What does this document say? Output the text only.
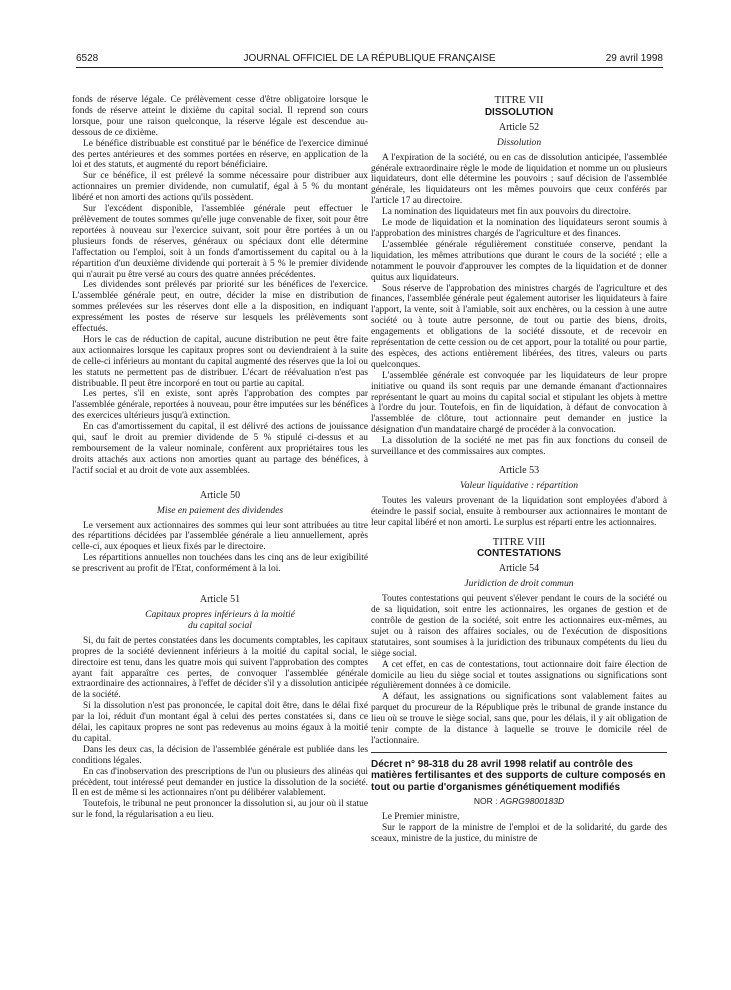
6528	JOURNAL OFFICIEL DE LA RÉPUBLIQUE FRANÇAISE	29 avril 1998

fonds de réserve légale. Ce prélèvement cesse d'être obligatoire lorsque le fonds de réserve atteint le dixième du capital social. Il reprend son cours lorsque, pour une raison quelconque, la réserve légale est descendue au-dessous de ce dixième.

Le bénéfice distribuable est constitué par le bénéfice de l'exercice diminué des pertes antérieures et des sommes portées en réserve, en application de la loi et des statuts, et augmenté du report bénéficiaire.

Sur ce bénéfice, il est prélevé la somme nécessaire pour distribuer aux actionnaires un premier dividende, non cumulatif, égal à 5 % du montant libéré et non amorti des actions qu'ils possèdent.

Sur l'excédent disponible, l'assemblée générale peut effectuer le prélèvement de toutes sommes qu'elle juge convenable de fixer, soit pour être reportées à nouveau sur l'exercice suivant, soit pour être portées à un ou plusieurs fonds de réserves, généraux ou spéciaux dont elle détermine l'affectation ou l'emploi, soit à un fonds d'amortissement du capital ou à la répartition d'un deuxième dividende qui porterait à 5 % le premier dividende qui n'aurait pu être versé au cours des quatre années précédentes.

Les dividendes sont prélevés par priorité sur les bénéfices de l'exercice. L'assemblée générale peut, en outre, décider la mise en distribution de sommes prélevées sur les réserves dont elle a la disposition, en indiquant expressément les postes de réserve sur lesquels les prélèvements sont effectués.

Hors le cas de réduction de capital, aucune distribution ne peut être faite aux actionnaires lorsque les capitaux propres sont ou deviendraient à la suite de celle-ci inférieurs au montant du capital augmenté des réserves que la loi ou les statuts ne permettent pas de distribuer. L'écart de réévaluation n'est pas distribuable. Il peut être incorporé en tout ou partie au capital.

Les pertes, s'il en existe, sont après l'approbation des comptes par l'assemblée générale, reportées à nouveau, pour être imputées sur les bénéfices des exercices ultérieurs jusqu'à extinction.

En cas d'amortissement du capital, il est délivré des actions de jouissance qui, sauf le droit au premier dividende de 5 % stipulé ci-dessus et au remboursement de la valeur nominale, confèrent aux propriétaires tous les droits attachés aux actions non amorties quant au partage des bénéfices, à l'actif social et au droit de vote aux assemblées.

Article 50
Mise en paiement des dividendes

Le versement aux actionnaires des sommes qui leur sont attribuées au titre des répartitions décidées par l'assemblée générale a lieu annuellement, après celle-ci, aux époques et lieux fixés par le directoire.

Les répartitions annuelles non touchées dans les cinq ans de leur exigibilité se prescrivent au profit de l'Etat, conformément à la loi.

Article 51
Capitaux propres inférieurs à la moitié
du capital social

Si, du fait de pertes constatées dans les documents comptables, les capitaux propres de la société deviennent inférieurs à la moitié du capital social, le directoire est tenu, dans les quatre mois qui suivent l'approbation des comptes ayant fait apparaître ces pertes, de convoquer l'assemblée générale extraordinaire des actionnaires, à l'effet de décider s'il y a dissolution anticipée de la société.

Si la dissolution n'est pas prononcée, le capital doit être, dans le délai fixé par la loi, réduit d'un montant égal à celui des pertes constatées si, dans ce délai, les capitaux propres ne sont pas redevenus au moins égaux à la moitié du capital.

Dans les deux cas, la décision de l'assemblée générale est publiée dans les conditions légales.

En cas d'inobservation des prescriptions de l'un ou plusieurs des alinéas qui précèdent, tout intéressé peut demander en justice la dissolution de la société. Il en est de même si les actionnaires n'ont pu délibérer valablement.

Toutefois, le tribunal ne peut prononcer la dissolution si, au jour où il statue sur le fond, la régularisation a eu lieu.

TITRE VII
DISSOLUTION
Article 52
Dissolution

A l'expiration de la société, ou en cas de dissolution anticipée, l'assemblée générale extraordinaire règle le mode de liquidation et nomme un ou plusieurs liquidateurs, dont elle détermine les pouvoirs ; sauf décision de l'assemblée générale, les liquidateurs ont les mêmes pouvoirs que ceux conférés par l'article 17 au directoire.

La nomination des liquidateurs met fin aux pouvoirs du directoire.

Le mode de liquidation et la nomination des liquidateurs seront soumis à l'approbation des ministres chargés de l'agriculture et des finances.

L'assemblée générale régulièrement constituée conserve, pendant la liquidation, les mêmes attributions que durant le cours de la société ; elle a notamment le pouvoir d'approuver les comptes de la liquidation et de donner quitus aux liquidateurs.

Sous réserve de l'approbation des ministres chargés de l'agriculture et des finances, l'assemblée générale peut également autoriser les liquidateurs à faire l'apport, la vente, soit à l'amiable, soit aux enchères, ou la cession à une autre société ou à toute autre personne, de tout ou partie des biens, droits, engagements et obligations de la société dissoute, et de recevoir en représentation de cette cession ou de cet apport, pour la totalité ou pour partie, des espèces, des actions entièrement libérées, des titres, valeurs ou parts quelconques.

L'assemblée générale est convoquée par les liquidateurs de leur propre initiative ou quand ils sont requis par une demande émanant d'actionnaires représentant le quart au moins du capital social et stipulant les objets à mettre à l'ordre du jour. Toutefois, en fin de liquidation, à défaut de convocation à l'assemblée de clôture, tout actionnaire peut demander en justice la désignation d'un mandataire chargé de procéder à la convocation.

La dissolution de la société ne met pas fin aux fonctions du conseil de surveillance et des commissaires aux comptes.

Article 53
Valeur liquidative : répartition

Toutes les valeurs provenant de la liquidation sont employées d'abord à éteindre le passif social, ensuite à rembourser aux actionnaires le montant de leur capital libéré et non amorti. Le surplus est réparti entre les actionnaires.

TITRE VIII
CONTESTATIONS
Article 54
Juridiction de droit commun

Toutes contestations qui peuvent s'élever pendant le cours de la société ou de sa liquidation, soit entre les actionnaires, les organes de gestion et de contrôle de gestion de la société, soit entre les actionnaires eux-mêmes, au sujet ou à raison des affaires sociales, ou de l'exécution de dispositions statutaires, sont soumises à la juridiction des tribunaux compétents du lieu du siège social.

A cet effet, en cas de contestations, tout actionnaire doit faire élection de domicile au lieu du siège social et toutes assignations ou significations sont régulièrement données à ce domicile.

A défaut, les assignations ou significations sont valablement faites au parquet du procureur de la République près le tribunal de grande instance du lieu où se trouve le siège social, sans que, pour les délais, il y ait obligation de tenir compte de la distance à laquelle se trouve le domicile réel de l'actionnaire.

Décret n° 98-318 du 28 avril 1998 relatif au contrôle des matières fertilisantes et des supports de culture composés en tout ou partie d'organismes génétiquement modifiés
NOR : AGRG9800183D

Le Premier ministre,

Sur le rapport de la ministre de l'emploi et de la solidarité, du garde des sceaux, ministre de la justice, du ministre de
